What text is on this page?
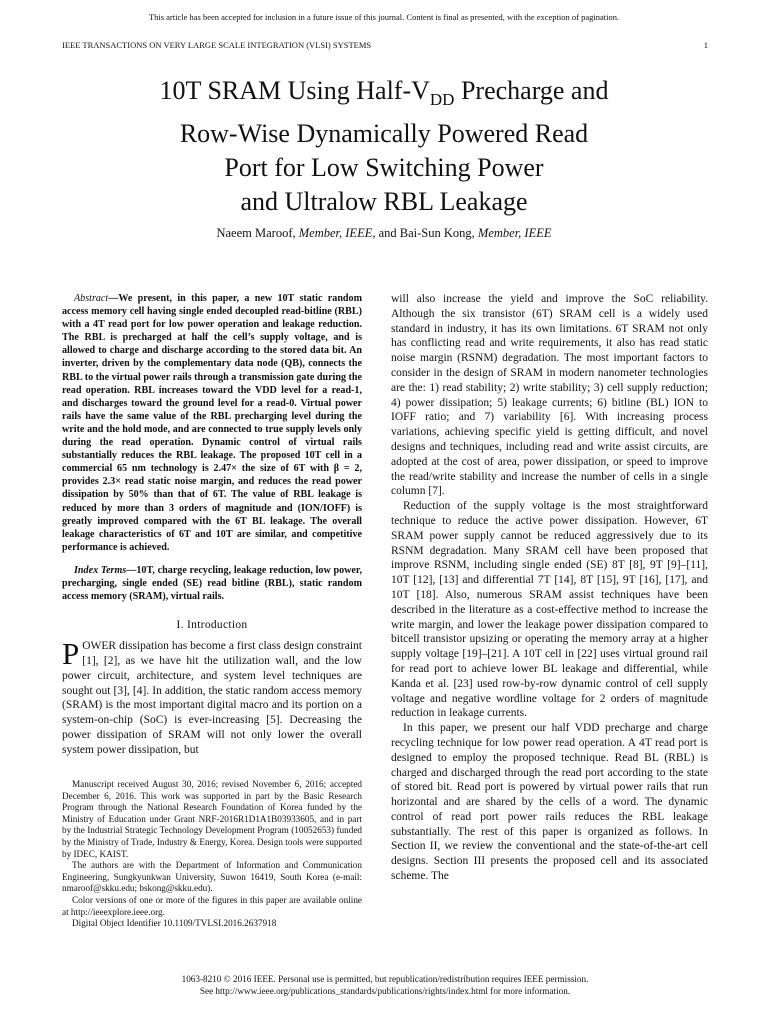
This article has been accepted for inclusion in a future issue of this journal. Content is final as presented, with the exception of pagination.
IEEE TRANSACTIONS ON VERY LARGE SCALE INTEGRATION (VLSI) SYSTEMS	1
10T SRAM Using Half-$V_{DD}$ Precharge and
Row-Wise Dynamically Powered Read
Port for Low Switching Power
and Ultralow RBL Leakage
Naeem Maroof, Member, IEEE, and Bai-Sun Kong, Member, IEEE

Abstract—We present, in this paper, a new 10T static random access memory cell having single ended decoupled read-bitline (RBL) with a 4T read port for low power operation and leakage reduction. The RBL is precharged at half the cell’s supply voltage, and is allowed to charge and discharge according to the stored data bit. An inverter, driven by the complementary data node (QB), connects the RBL to the virtual power rails through a transmission gate during the read operation. RBL increases toward the VDD level for a read-1, and discharges toward the ground level for a read-0. Virtual power rails have the same value of the RBL precharging level during the write and the hold mode, and are connected to true supply levels only during the read operation. Dynamic control of virtual rails substantially reduces the RBL leakage. The proposed 10T cell in a commercial 65 nm technology is 2.47× the size of 6T with β = 2, provides 2.3× read static noise margin, and reduces the read power dissipation by 50% than that of 6T. The value of RBL leakage is reduced by more than 3 orders of magnitude and (ION/IOFF) is greatly improved compared with the 6T BL leakage. The overall leakage characteristics of 6T and 10T are similar, and competitive performance is achieved.

Index Terms—10T, charge recycling, leakage reduction, low power, precharging, single ended (SE) read bitline (RBL), static random access memory (SRAM), virtual rails.

I. Introduction

POWER dissipation has become a first class design constraint [1], [2], as we have hit the utilization wall, and the low power circuit, architecture, and system level techniques are sought out [3], [4]. In addition, the static random access memory (SRAM) is the most important digital macro and its portion on a system-on-chip (SoC) is ever-increasing [5]. Decreasing the power dissipation of SRAM will not only lower the overall system power dissipation, but

Manuscript received August 30, 2016; revised November 6, 2016; accepted December 6, 2016. This work was supported in part by the Basic Research Program through the National Research Foundation of Korea funded by the Ministry of Education under Grant NRF-2016R1D1A1B03933605, and in part by the Industrial Strategic Technology Development Program (10052653) funded by the Ministry of Trade, Industry & Energy, Korea. Design tools were supported by IDEC, KAIST.

The authors are with the Department of Information and Communication Engineering, Sungkyunkwan University, Suwon 16419, South Korea (e-mail: nmaroof@skku.edu; bskong@skku.edu).

Color versions of one or more of the figures in this paper are available online at http://ieeexplore.ieee.org.

Digital Object Identifier 10.1109/TVLSI.2016.2637918

will also increase the yield and improve the SoC reliability. Although the six transistor (6T) SRAM cell is a widely used standard in industry, it has its own limitations. 6T SRAM not only has conflicting read and write requirements, it also has read static noise margin (RSNM) degradation. The most important factors to consider in the design of SRAM in modern nanometer technologies are the: 1) read stability; 2) write stability; 3) cell supply reduction; 4) power dissipation; 5) leakage currents; 6) bitline (BL) ION to IOFF ratio; and 7) variability [6]. With increasing process variations, achieving specific yield is getting difficult, and novel designs and techniques, including read and write assist circuits, are adopted at the cost of area, power dissipation, or speed to improve the read/write stability and increase the number of cells in a single column [7].

Reduction of the supply voltage is the most straightforward technique to reduce the active power dissipation. However, 6T SRAM power supply cannot be reduced aggressively due to its RSNM degradation. Many SRAM cell have been proposed that improve RSNM, including single ended (SE) 8T [8], 9T [9]–[11], 10T [12], [13] and differential 7T [14], 8T [15], 9T [16], [17], and 10T [18]. Also, numerous SRAM assist techniques have been described in the literature as a cost-effective method to increase the write margin, and lower the leakage power dissipation compared to bitcell transistor upsizing or operating the memory array at a higher supply voltage [19]–[21]. A 10T cell in [22] uses virtual ground rail for read port to achieve lower BL leakage and differential, while Kanda et al. [23] used row-by-row dynamic control of cell supply voltage and negative wordline voltage for 2 orders of magnitude reduction in leakage currents.

In this paper, we present our half VDD precharge and charge recycling technique for low power read operation. A 4T read port is designed to employ the proposed technique. Read BL (RBL) is charged and discharged through the read port according to the state of stored bit. Read port is powered by virtual power rails that run horizontal and are shared by the cells of a word. The dynamic control of read port power rails reduces the RBL leakage substantially. The rest of this paper is organized as follows. In Section II, we review the conventional and the state-of-the-art cell designs. Section III presents the proposed cell and its associated scheme. The

1063-8210 © 2016 IEEE. Personal use is permitted, but republication/redistribution requires IEEE permission.
See http://www.ieee.org/publications_standards/publications/rights/index.html for more information.
